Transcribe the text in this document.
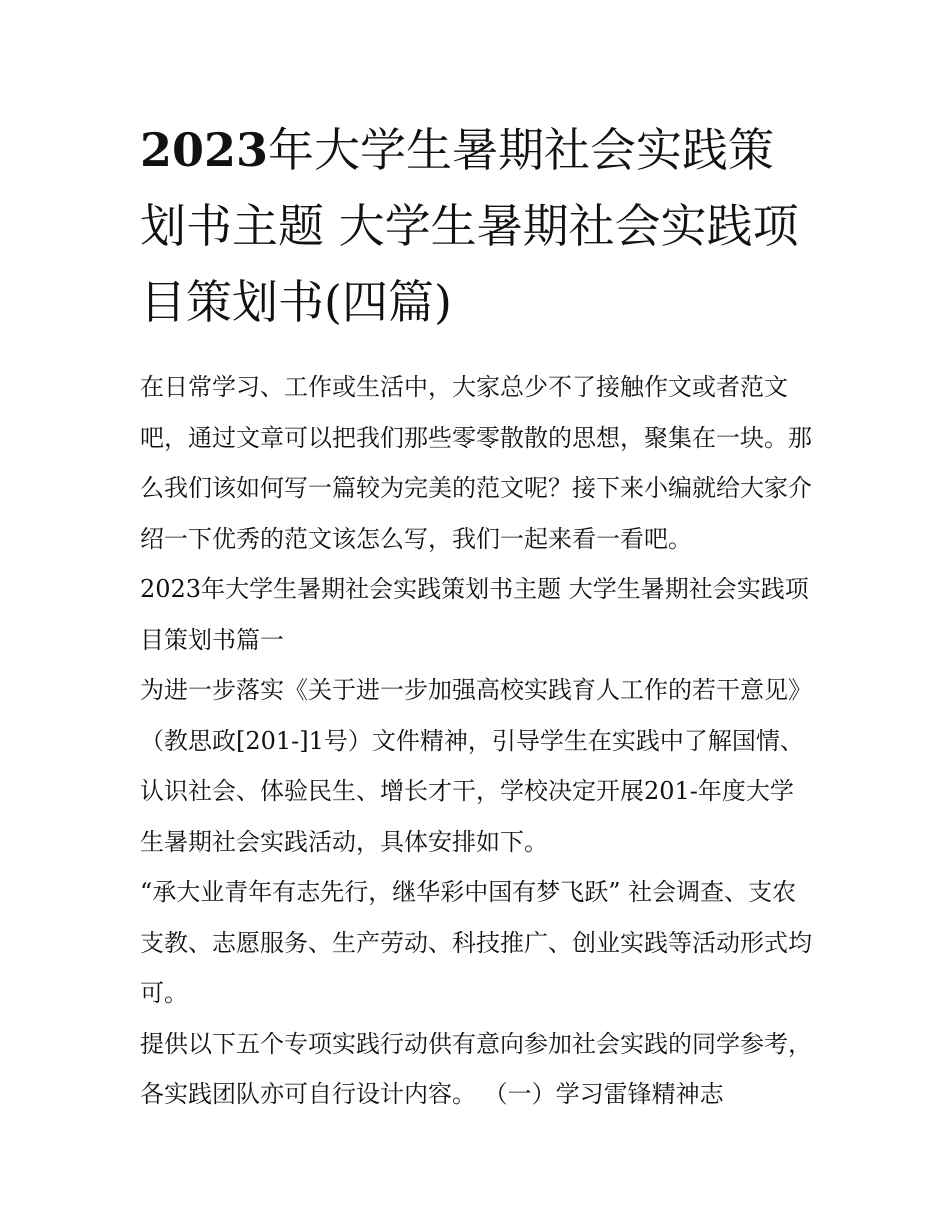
2023年大学生暑期社会实践策划书主题 大学生暑期社会实践项目策划书(四篇)

在日常学习、工作或生活中，大家总少不了接触作文或者范文吧，通过文章可以把我们那些零零散散的思想，聚集在一块。那么我们该如何写一篇较为完美的范文呢？接下来小编就给大家介绍一下优秀的范文该怎么写，我们一起来看一看吧。

2023年大学生暑期社会实践策划书主题 大学生暑期社会实践项目策划书篇一

为进一步落实《关于进一步加强高校实践育人工作的若干意见》（教思政[201-]1号）文件精神，引导学生在实践中了解国情、认识社会、体验民生、增长才干，学校决定开展201-年度大学生暑期社会实践活动，具体安排如下。

“承大业青年有志先行，继华彩中国有梦飞跃” 社会调查、支农支教、志愿服务、生产劳动、科技推广、创业实践等活动形式均可。

提供以下五个专项实践行动供有意向参加社会实践的同学参考，各实践团队亦可自行设计内容。 （一）学习雷锋精神志
